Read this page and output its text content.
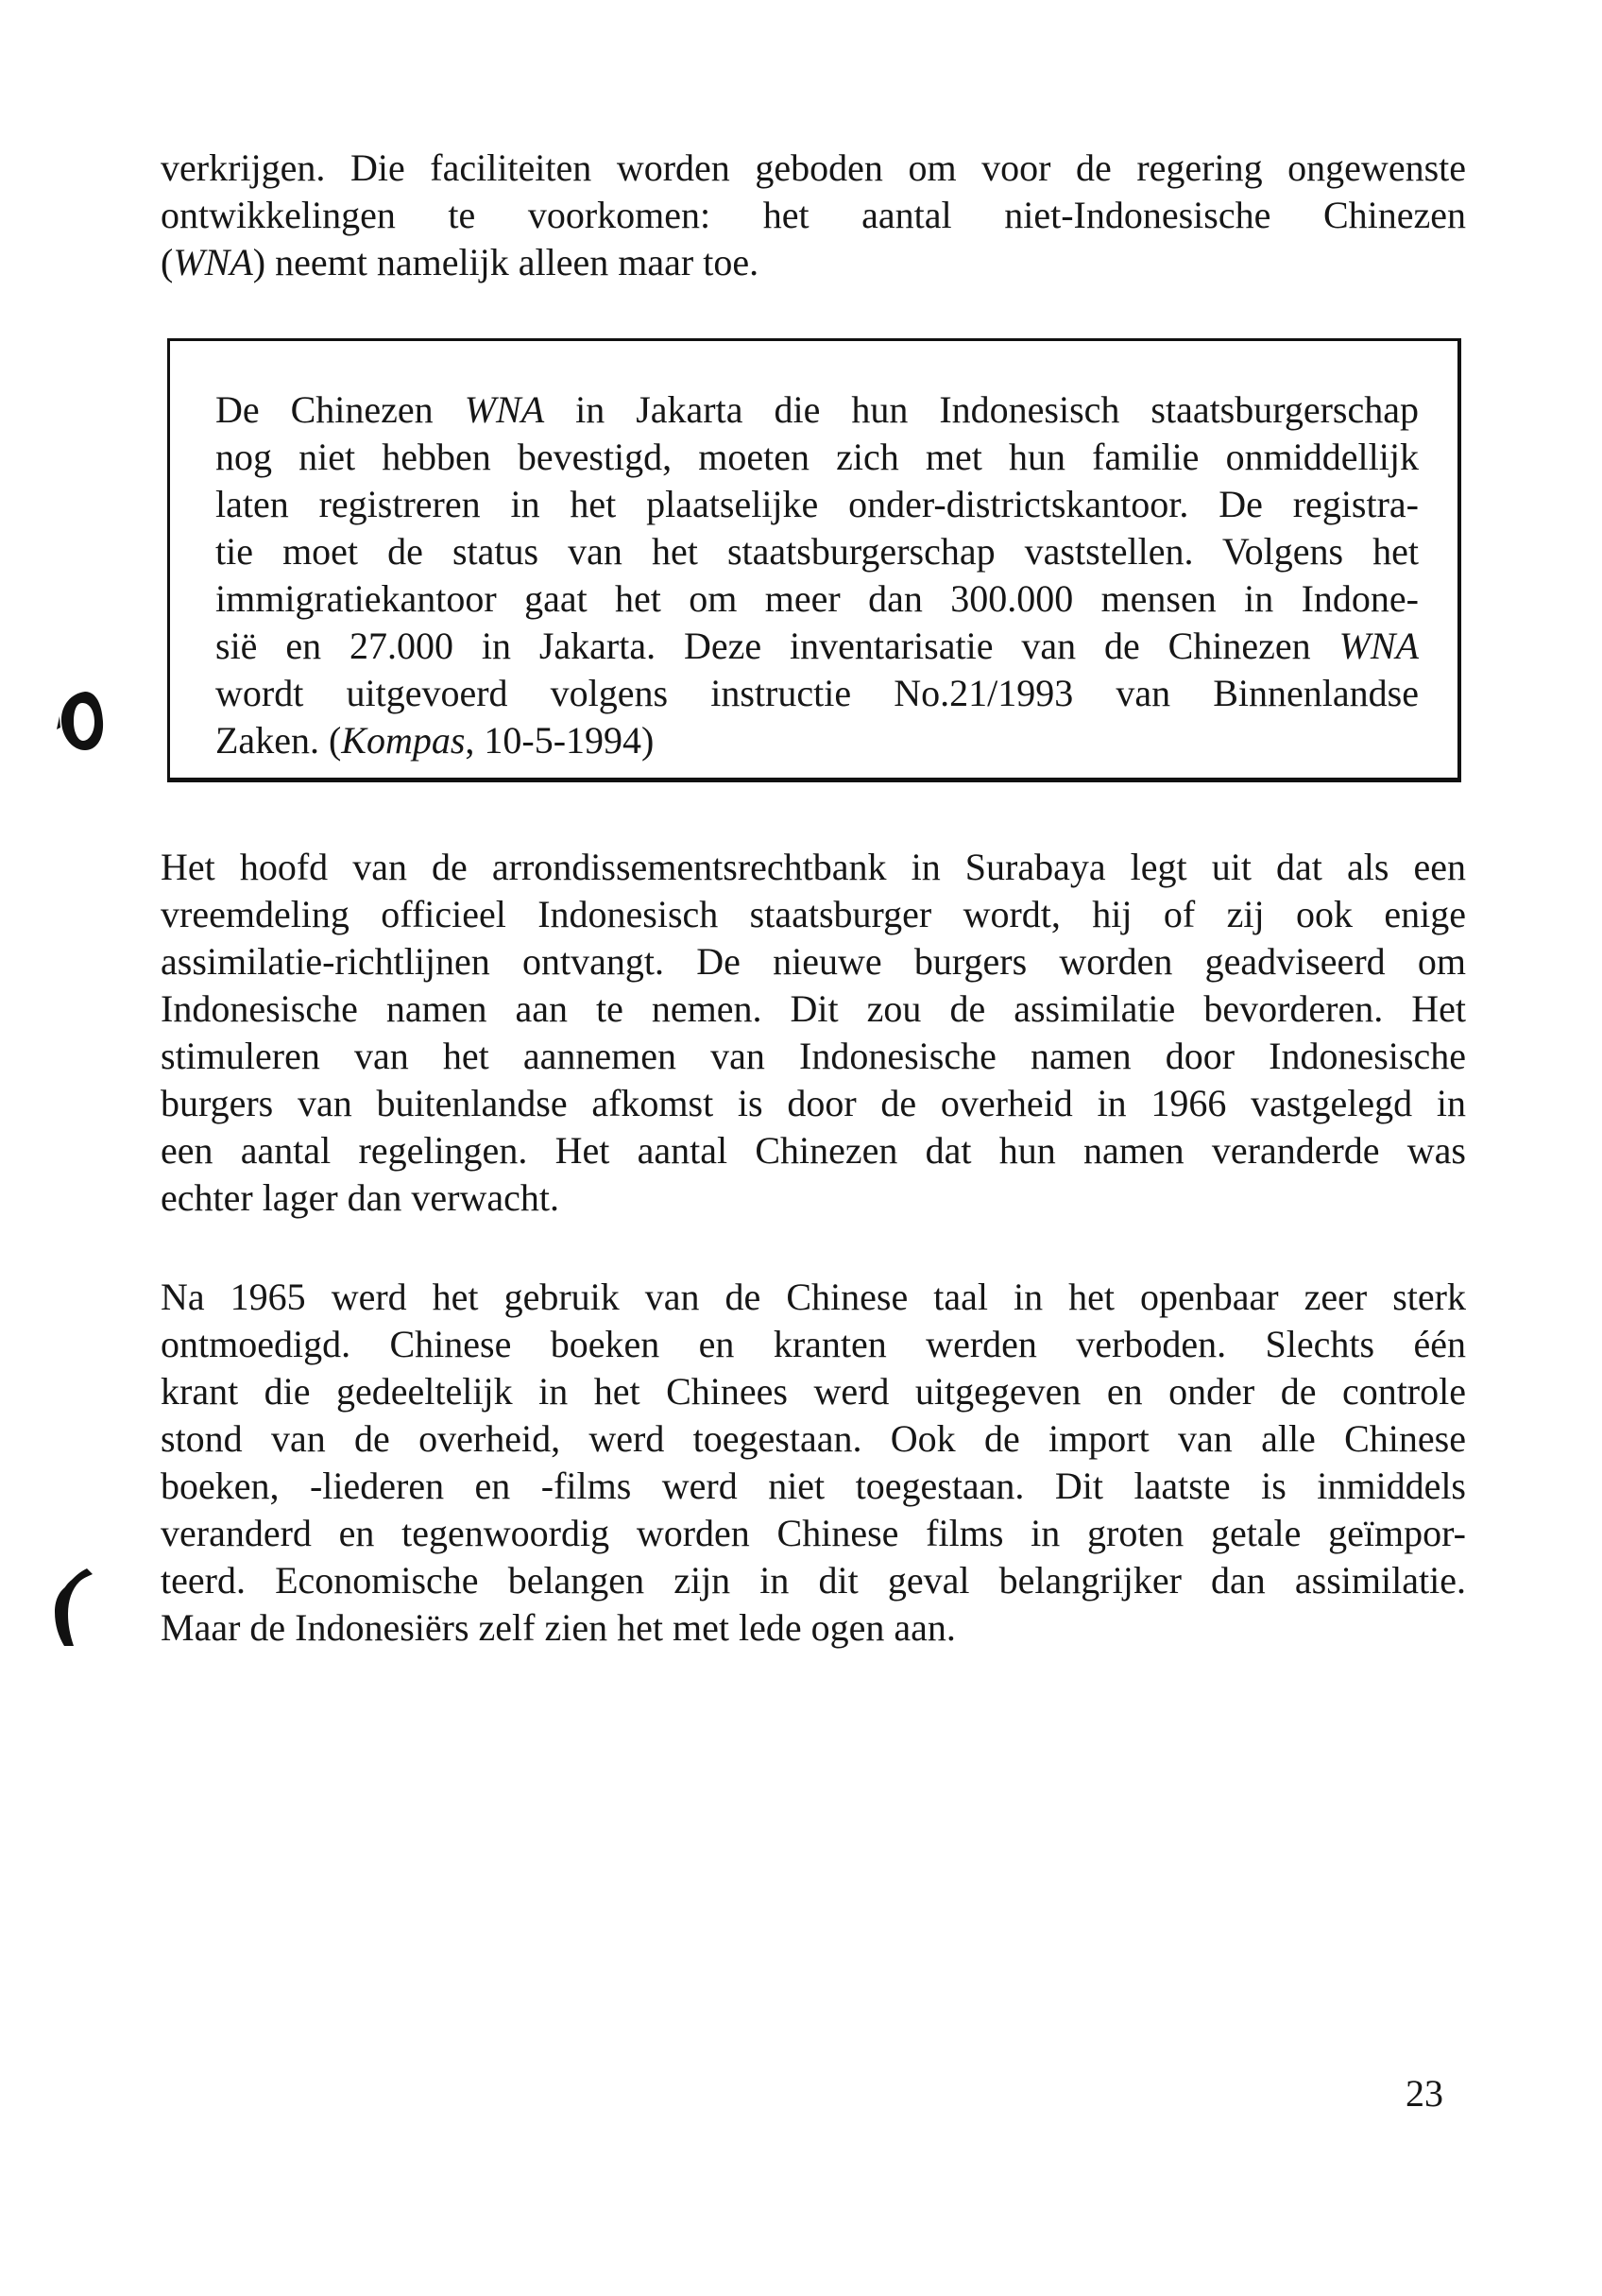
verkrijgen. Die faciliteiten worden geboden om voor de regering ongewenste
ontwikkelingen te voorkomen: het aantal niet-Indonesische Chinezen
(WNA) neemt namelijk alleen maar toe.

De Chinezen WNA in Jakarta die hun Indonesisch staatsburgerschap
nog niet hebben bevestigd, moeten zich met hun familie onmiddellijk
laten registreren in het plaatselijke onder-districtskantoor. De registra-
tie moet de status van het staatsburgerschap vaststellen. Volgens het
immigratiekantoor gaat het om meer dan 300.000 mensen in Indone-
sië en 27.000 in Jakarta. Deze inventarisatie van de Chinezen WNA
wordt uitgevoerd volgens instructie No.21/1993 van Binnenlandse
Zaken. (Kompas, 10-5-1994)

Het hoofd van de arrondissementsrechtbank in Surabaya legt uit dat als een
vreemdeling officieel Indonesisch staatsburger wordt, hij of zij ook enige
assimilatie-richtlijnen ontvangt. De nieuwe burgers worden geadviseerd om
Indonesische namen aan te nemen. Dit zou de assimilatie bevorderen. Het
stimuleren van het aannemen van Indonesische namen door Indonesische
burgers van buitenlandse afkomst is door de overheid in 1966 vastgelegd in
een aantal regelingen. Het aantal Chinezen dat hun namen veranderde was
echter lager dan verwacht.

Na 1965 werd het gebruik van de Chinese taal in het openbaar zeer sterk
ontmoedigd. Chinese boeken en kranten werden verboden. Slechts één
krant die gedeeltelijk in het Chinees werd uitgegeven en onder de controle
stond van de overheid, werd toegestaan. Ook de import van alle Chinese
boeken, -liederen en -films werd niet toegestaan. Dit laatste is inmiddels
veranderd en tegenwoordig worden Chinese films in groten getale geïmpor-
teerd. Economische belangen zijn in dit geval belangrijker dan assimilatie.
Maar de Indonesiërs zelf zien het met lede ogen aan.

23
